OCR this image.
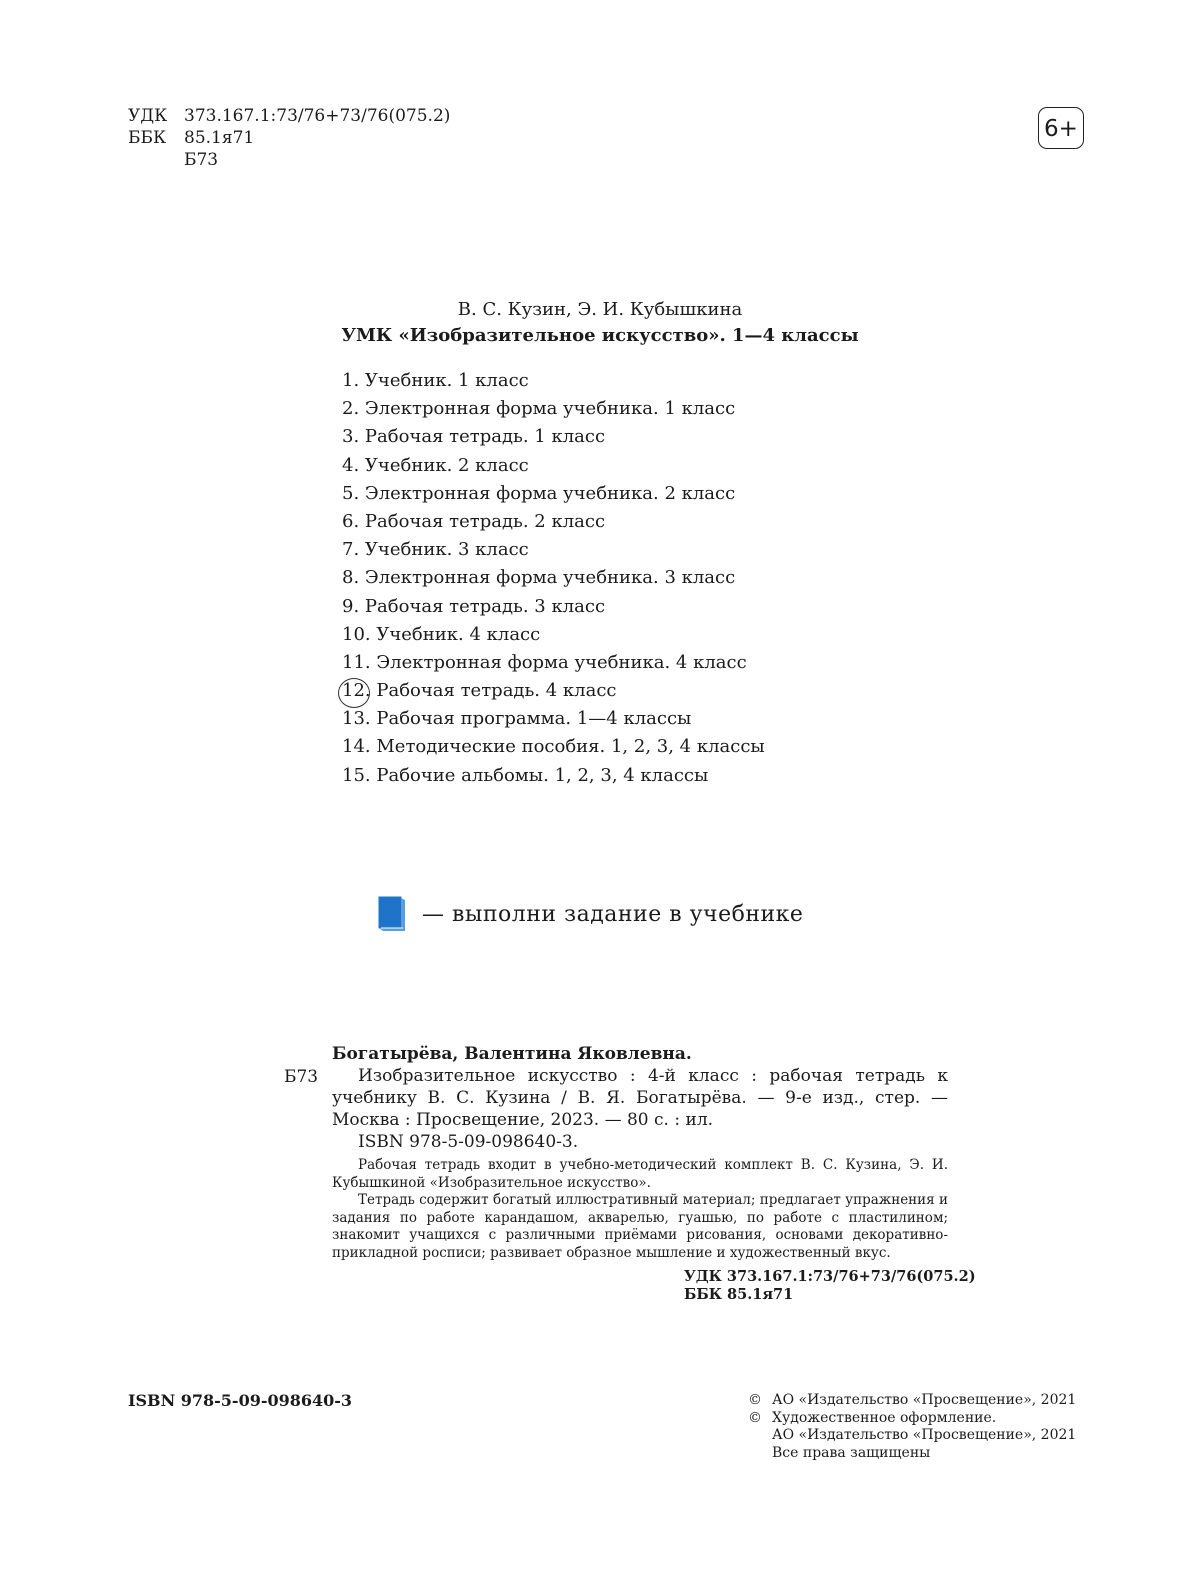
УДК 373.167.1:73/76+73/76(075.2)
ББК	85.1я71
Б73
6+
В. С. Кузин, Э. И. Кубышкина
УМК «Изобразительное искусство». 1—4 классы
1. Учебник. 1 класс
2. Электронная форма учебника. 1 класс
3. Рабочая тетрадь. 1 класс
4. Учебник. 2 класс
5. Электронная форма учебника. 2 класс
6. Рабочая тетрадь. 2 класс
7. Учебник. 3 класс
8. Электронная форма учебника. 3 класс
9. Рабочая тетрадь. 3 класс
10. Учебник. 4 класс
11. Электронная форма учебника. 4 класс
12. Рабочая тетрадь. 4 класс
13. Рабочая программа. 1—4 классы
14. Методические пособия. 1, 2, 3, 4 классы
15. Рабочие альбомы. 1, 2, 3, 4 классы
— выполни задание в учебнике
Б73
Богатырёва, Валентина Яковлевна.
Изобразительное искусство : 4-й класс : рабочая тетрадь к учебнику В. С. Кузина / В. Я. Богатырёва. — 9-е изд., стер. — Москва : Просвещение, 2023. — 80 с. : ил.
ISBN 978-5-09-098640-3.
Рабочая тетрадь входит в учебно-методический комплект В. С. Кузина, Э. И. Кубышкиной «Изобразительное искусство».
Тетрадь содержит богатый иллюстративный материал; предлагает упражнения и задания по работе карандашом, акварелью, гуашью, по работе с пластилином; знакомит учащихся с различными приёмами рисования, основами декоративно-прикладной росписи; развивает образное мышление и художественный вкус.
УДК 373.167.1:73/76+73/76(075.2)
ББК 85.1я71
ISBN 978-5-09-098640-3	© АО «Издательство «Просвещение», 2021
© Художественное оформление.
АО «Издательство «Просвещение», 2021
Все права защищены
